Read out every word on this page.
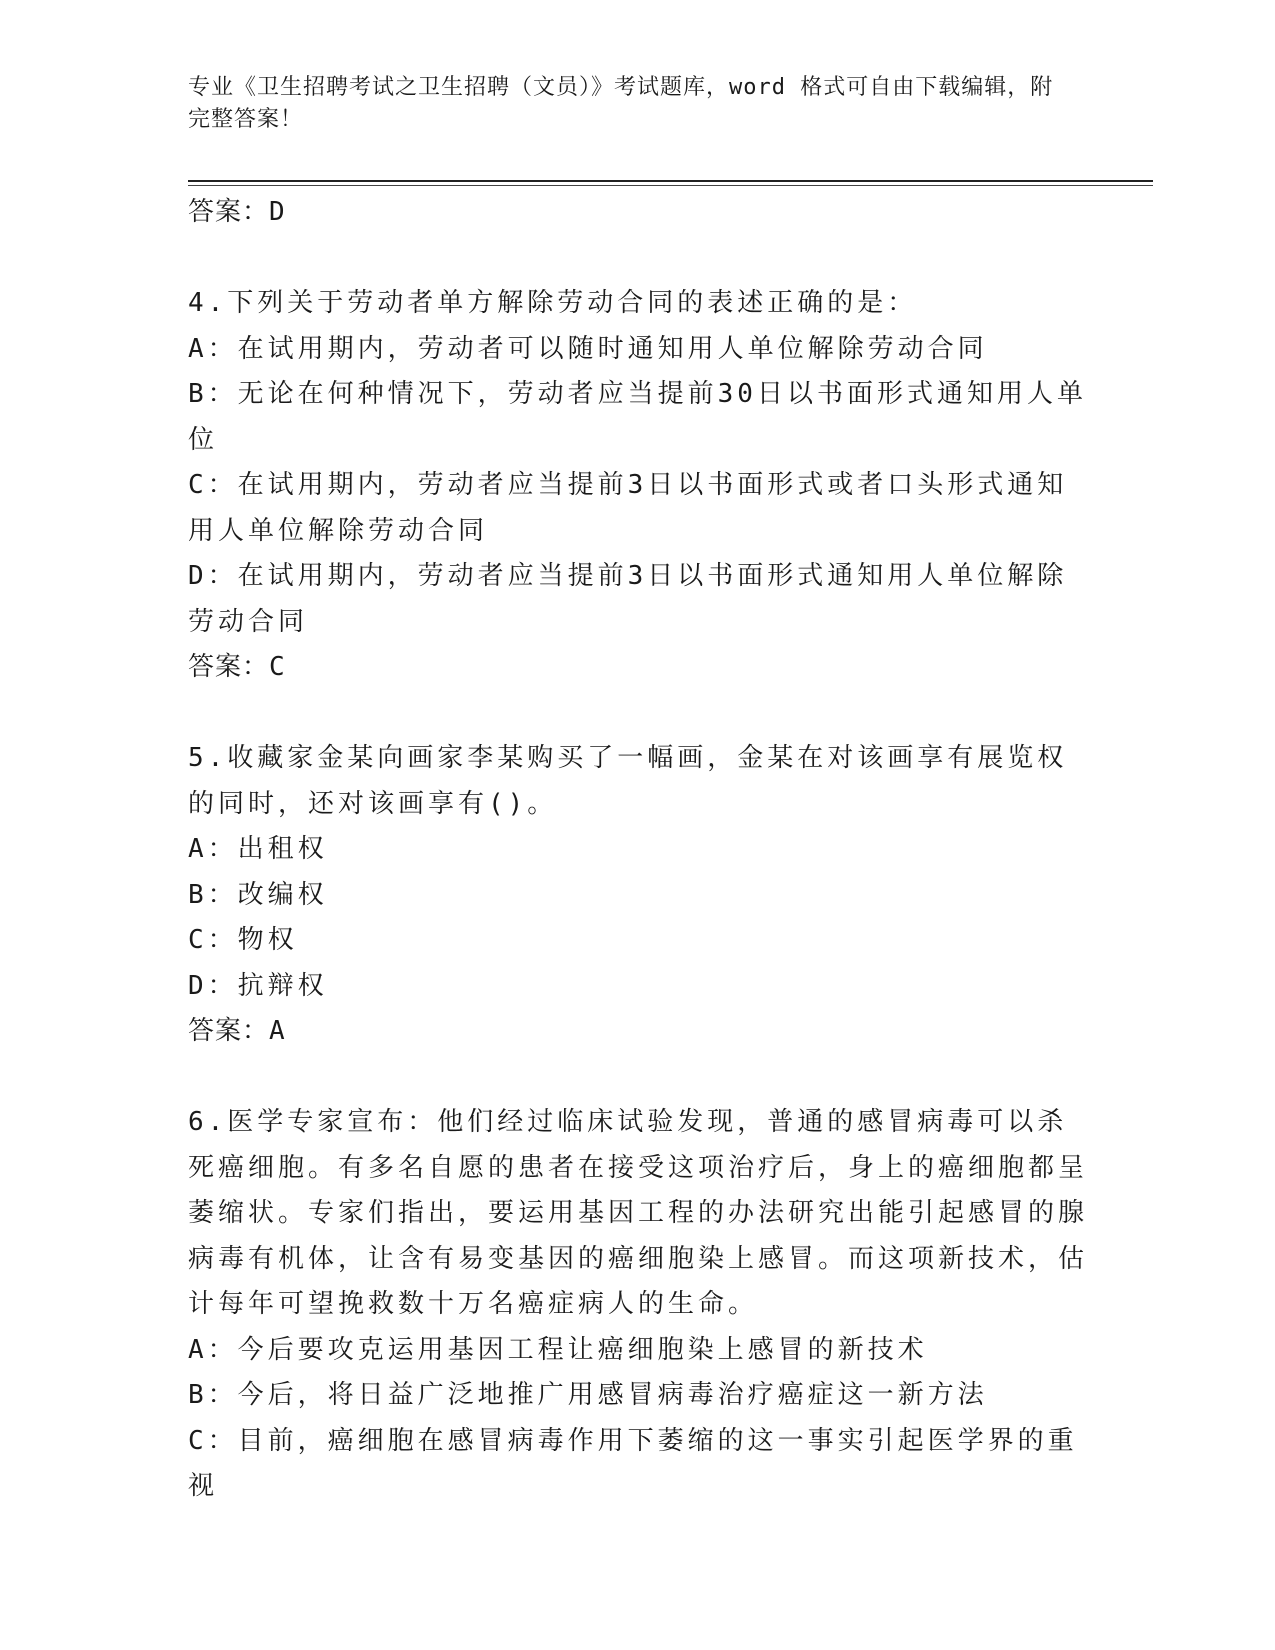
专业《卫生招聘考试之卫生招聘（文员）》考试题库，word 格式可自由下载编辑，附完整答案！
答案：D
4.下列关于劳动者单方解除劳动合同的表述正确的是：
A：在试用期内，劳动者可以随时通知用人单位解除劳动合同
B：无论在何种情况下，劳动者应当提前30日以书面形式通知用人单位
C：在试用期内，劳动者应当提前3日以书面形式或者口头形式通知用人单位解除劳动合同
D：在试用期内，劳动者应当提前3日以书面形式通知用人单位解除劳动合同
答案：C
5.收藏家金某向画家李某购买了一幅画，金某在对该画享有展览权的同时，还对该画享有()。
A：出租权
B：改编权
C：物权
D：抗辩权
答案：A
6.医学专家宣布：他们经过临床试验发现，普通的感冒病毒可以杀死癌细胞。有多名自愿的患者在接受这项治疗后，身上的癌细胞都呈萎缩状。专家们指出，要运用基因工程的办法研究出能引起感冒的腺病毒有机体，让含有易变基因的癌细胞染上感冒。而这项新技术，估计每年可望挽救数十万名癌症病人的生命。
A：今后要攻克运用基因工程让癌细胞染上感冒的新技术
B：今后，将日益广泛地推广用感冒病毒治疗癌症这一新方法
C：目前，癌细胞在感冒病毒作用下萎缩的这一事实引起医学界的重视
